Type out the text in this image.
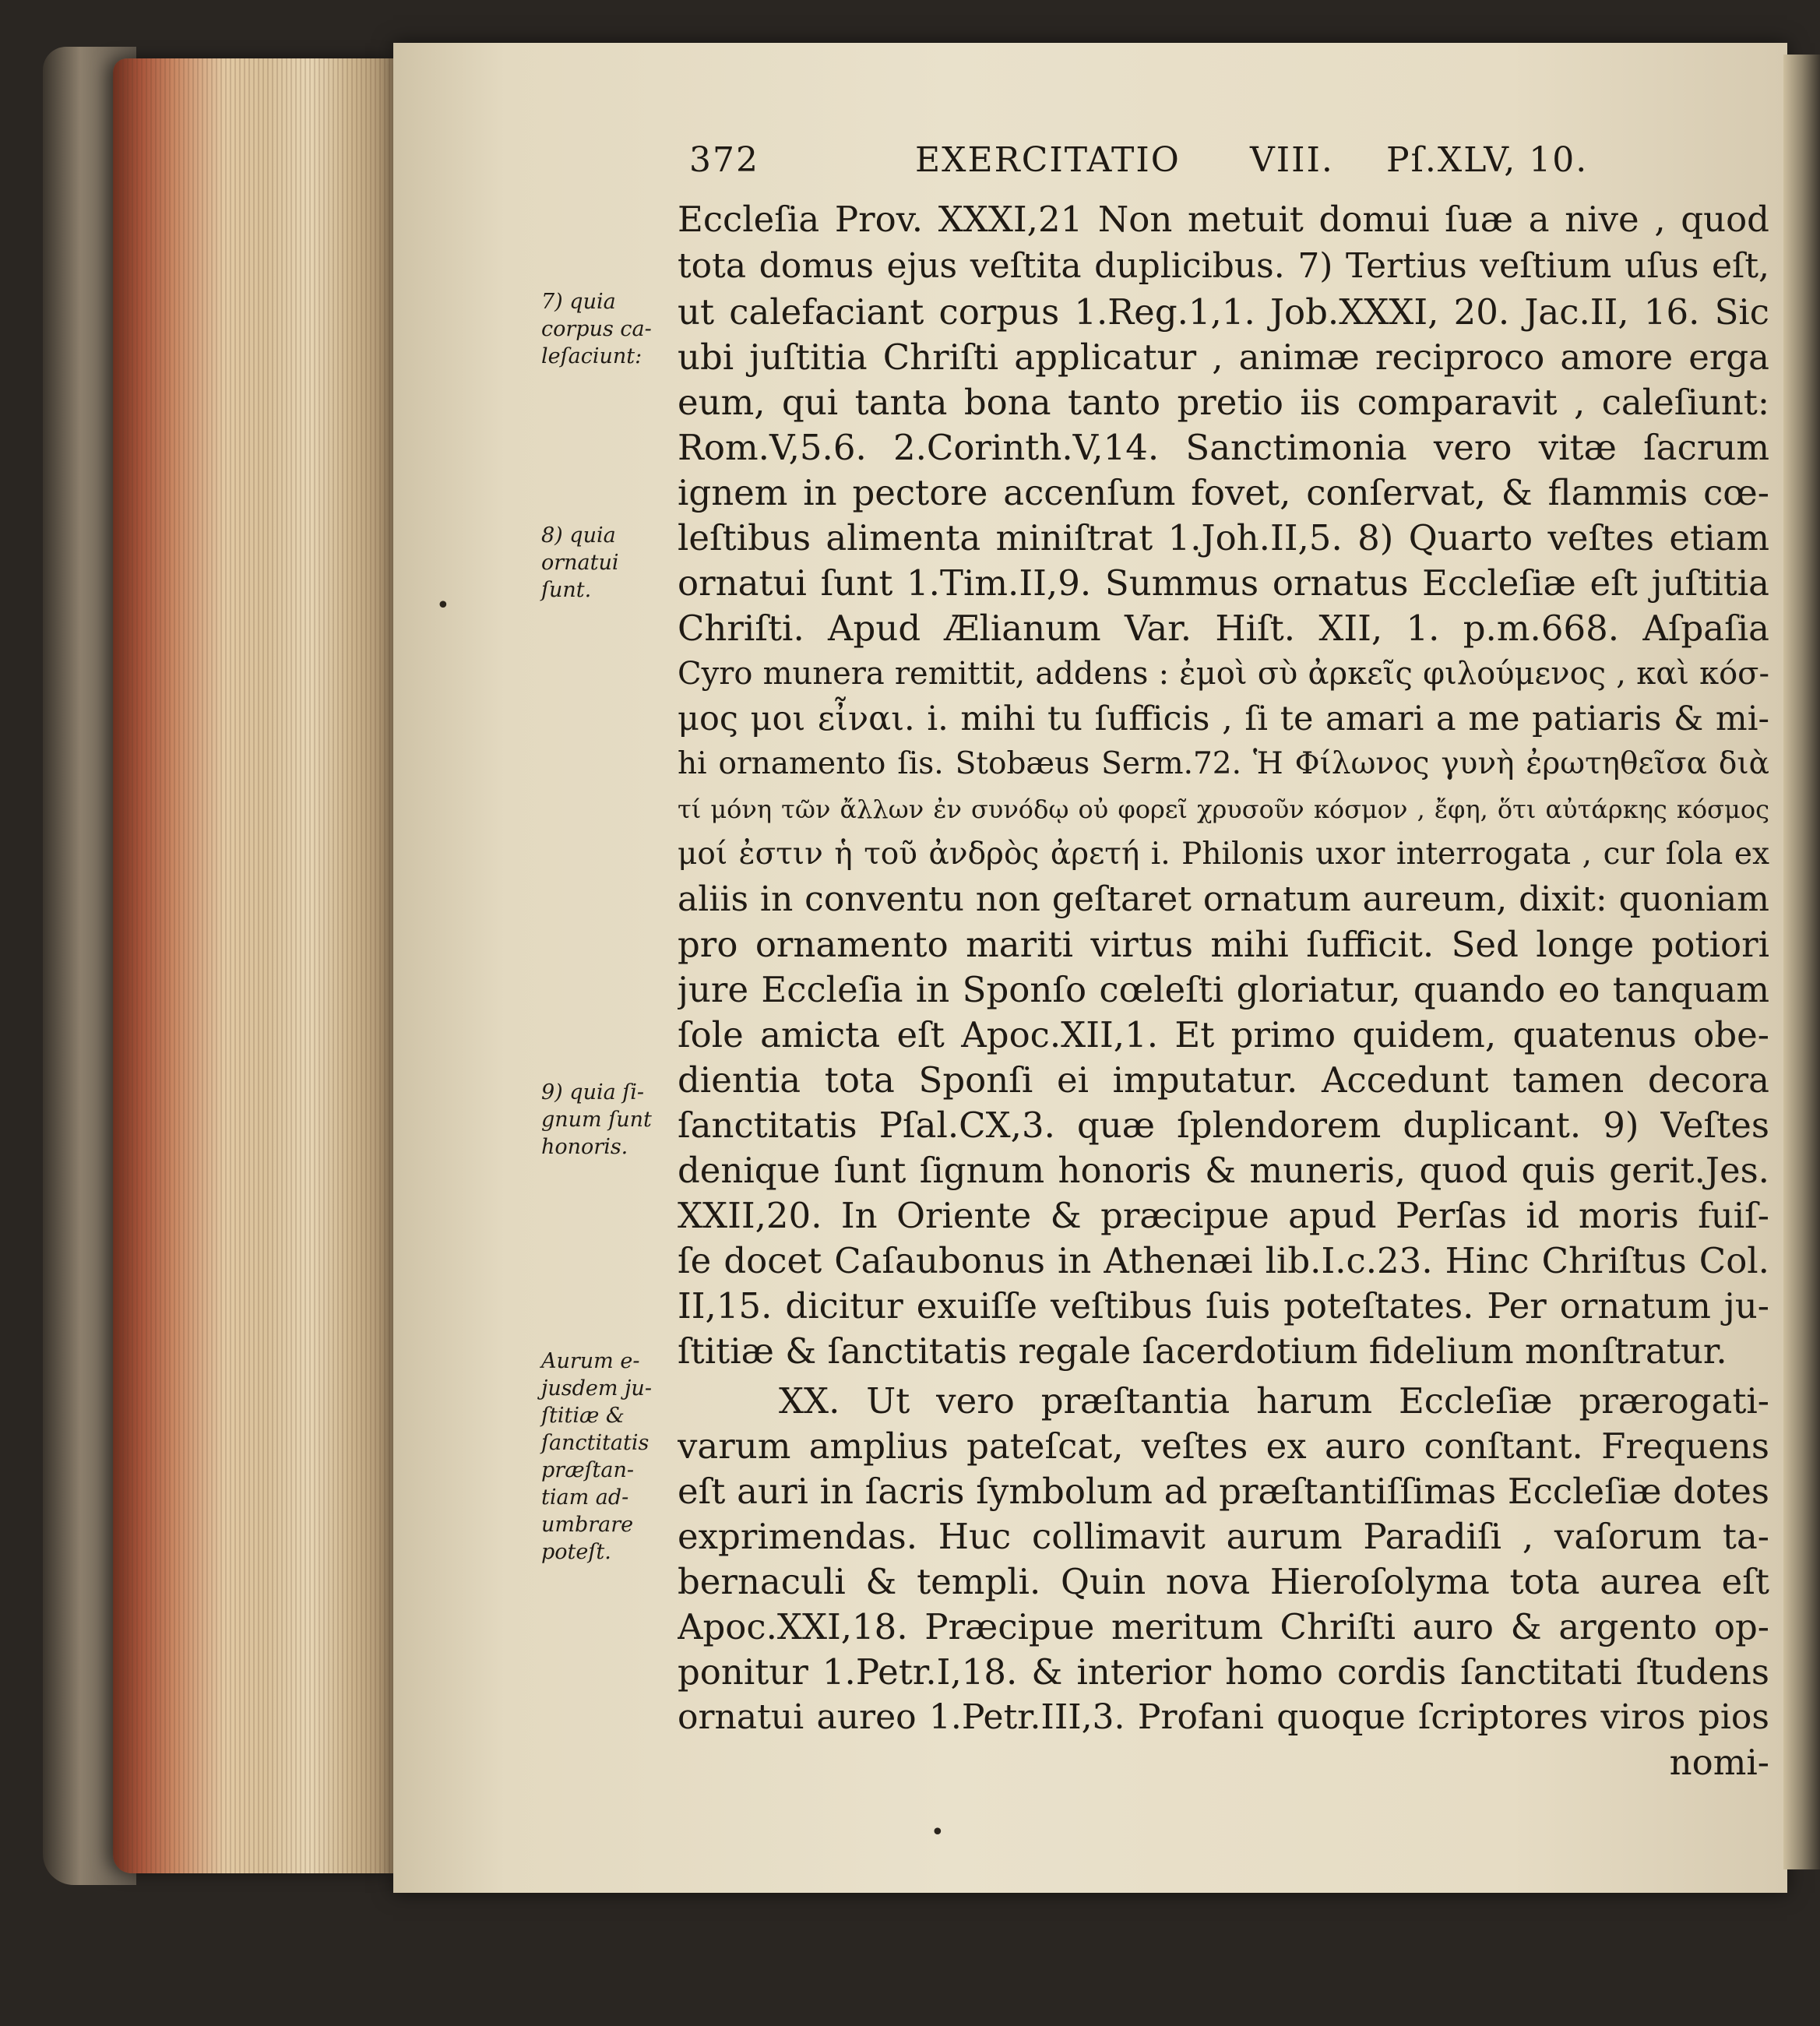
372	EXERCITATIO VIII. Pſ.XLV, 10.
7) quia
corpus ca-
leſaciunt:
8) quia
ornatui
ſunt.
9) quia ſi-
gnum ſunt
honoris.
Aurum e-
jusdem ju-
ſtitiæ &
ſanctitatis
præſtan-
tiam ad-
umbrare
poteſt.
•
Eccleſia Prov. XXXI,21 Non metuit domui ſuæ a nive , quod
tota domus ejus veſtita duplicibus. 7) Tertius veſtium uſus eſt,
ut calefaciant corpus 1.Reg.1,1. Job.XXXI, 20. Jac.II, 16. Sic
ubi juſtitia Chriſti applicatur , animæ reciproco amore erga
eum, qui tanta bona tanto pretio iis comparavit , caleſiunt:
Rom.V,5.6. 2.Corinth.V,14. Sanctimonia vero vitæ ſacrum
ignem in pectore accenſum fovet, conſervat, & flammis cœ-
leſtibus alimenta miniſtrat 1.Joh.II,5. 8) Quarto veſtes etiam
ornatui ſunt 1.Tim.II,9. Summus ornatus Eccleſiæ eſt juſtitia
Chriſti. Apud Ælianum Var. Hiſt. XII, 1. p.m.668. Aſpaſia
Cyro munera remittit, addens : ἐμοὶ σὺ ἀρκεῖς φιλούμενος , καὶ κόσ-
μος μοι εἶναι. i. mihi tu ſufficis , ſi te amari a me patiaris & mi-
hi ornamento ſis. Stobæus Serm.72. Ἡ Φίλωνος γυνὴ ἐρωτηθεῖσα διὰ
τί μόνη τῶν ἄλλων ἐν συνόδῳ οὐ φορεῖ χρυσοῦν κόσμον , ἔφη, ὅτι αὐτάρκης κόσμος
μοί ἐστιν ἡ τοῦ ἀνδρὸς ἀρετή i. Philonis uxor interrogata , cur ſola ex
aliis in conventu non geſtaret ornatum aureum, dixit: quoniam
pro ornamento mariti virtus mihi ſufficit. Sed longe potiori
jure Eccleſia in Sponſo cœleſti gloriatur, quando eo tanquam
ſole amicta eſt Apoc.XII,1. Et primo quidem, quatenus obe-
dientia tota Sponſi ei imputatur. Accedunt tamen decora
ſanctitatis Pſal.CX,3. quæ ſplendorem duplicant. 9) Veſtes
denique ſunt ſignum honoris & muneris, quod quis gerit.Jes.
XXII,20. In Oriente & præcipue apud Perſas id moris fuiſ-
ſe docet Caſaubonus in Athenæi lib.I.c.23. Hinc Chriſtus Col.
II,15. dicitur exuiſſe veſtibus ſuis poteſtates. Per ornatum ju-
ſtitiæ & ſanctitatis regale ſacerdotium fidelium monſtratur.
XX. Ut vero præſtantia harum Eccleſiæ prærogati-
varum amplius pateſcat, veſtes ex auro conſtant. Frequens
eſt auri in ſacris ſymbolum ad præſtantiſſimas Eccleſiæ dotes
exprimendas. Huc collimavit aurum Paradiſi , vaſorum ta-
bernaculi & templi. Quin nova Hieroſolyma tota aurea eſt
Apoc.XXI,18. Præcipue meritum Chriſti auro & argento op-
ponitur 1.Petr.I,18. & interior homo cordis ſanctitati ſtudens
ornatui aureo 1.Petr.III,3. Profani quoque ſcriptores viros pios
nomi-
•
